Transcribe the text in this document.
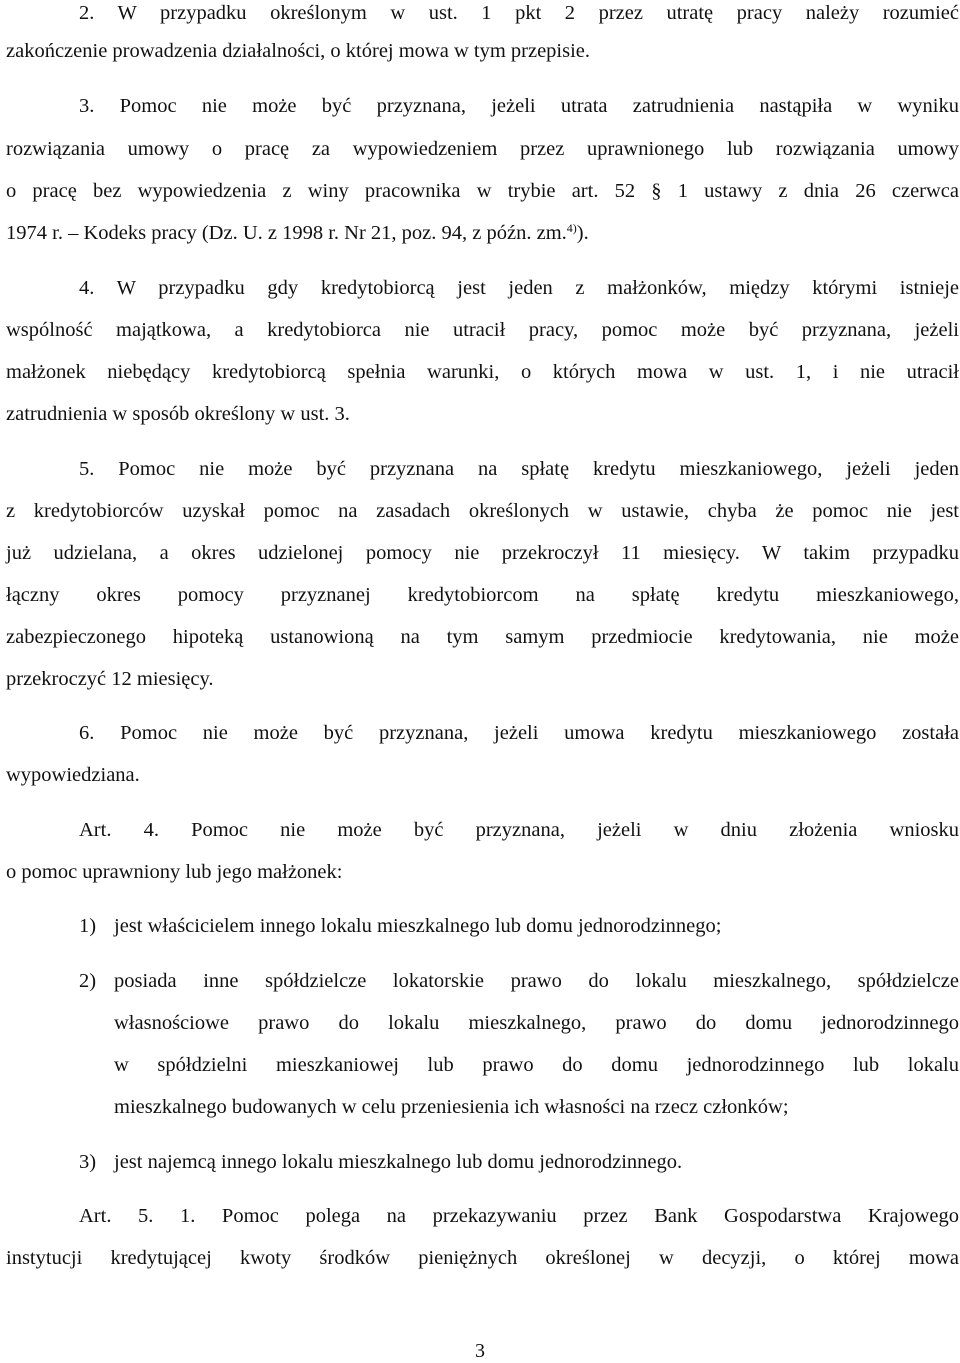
2. W przypadku określonym w ust. 1 pkt 2 przez utratę pracy należy rozumieć
zakończenie prowadzenia działalności, o której mowa w tym przepisie.
3. Pomoc nie może być przyznana, jeżeli utrata zatrudnienia nastąpiła w wyniku
rozwiązania umowy o pracę za wypowiedzeniem przez uprawnionego lub rozwiązania umowy
o pracę bez wypowiedzenia z winy pracownika w trybie art. 52 § 1 ustawy z dnia 26 czerwca
1974 r. – Kodeks pracy (Dz. U. z 1998 r. Nr 21, poz. 94, z późn. zm.$^{4)}$).
4. W przypadku gdy kredytobiorcą jest jeden z małżonków, między którymi istnieje
wspólność majątkowa, a kredytobiorca nie utracił pracy, pomoc może być przyznana, jeżeli
małżonek niebędący kredytobiorcą spełnia warunki, o których mowa w ust. 1, i nie utracił
zatrudnienia w sposób określony w ust. 3.
5. Pomoc nie może być przyznana na spłatę kredytu mieszkaniowego, jeżeli jeden
z kredytobiorców uzyskał pomoc na zasadach określonych w ustawie, chyba że pomoc nie jest
już udzielana, a okres udzielonej pomocy nie przekroczył 11 miesięcy. W takim przypadku
łączny okres pomocy przyznanej kredytobiorcom na spłatę kredytu mieszkaniowego,
zabezpieczonego hipoteką ustanowioną na tym samym przedmiocie kredytowania, nie może
przekroczyć 12 miesięcy.
6. Pomoc nie może być przyznana, jeżeli umowa kredytu mieszkaniowego została
wypowiedziana.
Art. 4. Pomoc nie może być przyznana, jeżeli w dniu złożenia wniosku
o pomoc uprawniony lub jego małżonek:
1) jest właścicielem innego lokalu mieszkalnego lub domu jednorodzinnego;
2) posiada inne spółdzielcze lokatorskie prawo do lokalu mieszkalnego, spółdzielcze
własnościowe prawo do lokalu mieszkalnego, prawo do domu jednorodzinnego
w spółdzielni mieszkaniowej lub prawo do domu jednorodzinnego lub lokalu
mieszkalnego budowanych w celu przeniesienia ich własności na rzecz członków;
3) jest najemcą innego lokalu mieszkalnego lub domu jednorodzinnego.
Art. 5. 1. Pomoc polega na przekazywaniu przez Bank Gospodarstwa Krajowego
instytucji kredytującej kwoty środków pieniężnych określonej w decyzji, o której mowa
3
